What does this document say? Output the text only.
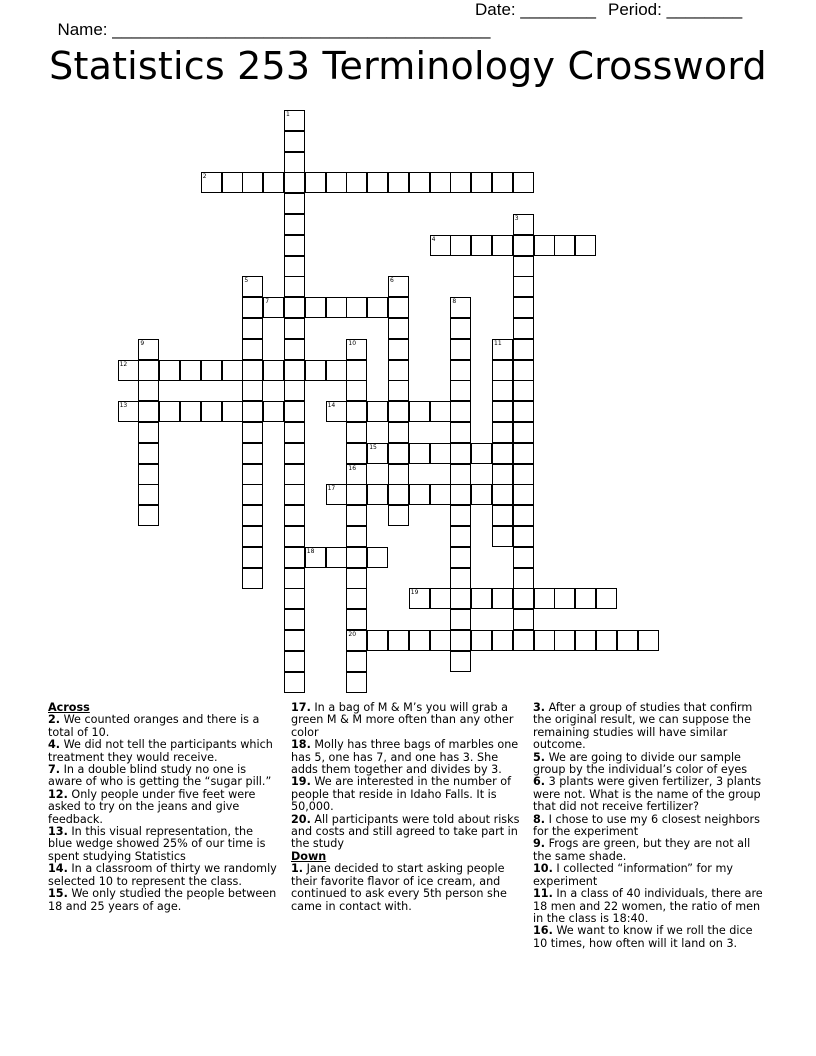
Name: ________________________________________

Date: ________

Period: ________

Statistics 253 Terminology Crossword
1
2
3
4
5	6
7	8
9	10	11
12
13	14
15
16
20
17
18
19
Across

2. We counted oranges and there is a total of 10.

4. We did not tell the participants which treatment they would receive.

7. In a double blind study no one is aware of who is getting the “sugar pill.”

12. Only people under five feet were asked to try on the jeans and give feedback.

13. In this visual representation, the blue wedge showed 25% of our time is spent studying Statistics

14. In a classroom of thirty we randomly selected 10 to represent the class.

15. We only studied the people between 18 and 25 years of age.

17. In a bag of M & M’s you will grab a green M & M more often than any other color

18. Molly has three bags of marbles one has 5, one has 7, and one has 3. She adds them together and divides by 3.

19. We are interested in the number of people that reside in Idaho Falls. It is 50,000.

20. All participants were told about risks and costs and still agreed to take part in the study

Down

1. Jane decided to start asking people their favorite flavor of ice cream, and continued to ask every 5th person she came in contact with.

3. After a group of studies that confirm the original result, we can suppose the remaining studies will have similar outcome.

5. We are going to divide our sample group by the individual’s color of eyes

6. 3 plants were given fertilizer, 3 plants were not. What is the name of the group that did not receive fertilizer?

8. I chose to use my 6 closest neighbors for the experiment

9. Frogs are green, but they are not all the same shade.

10. I collected “information” for my experiment

11. In a class of 40 individuals, there are 18 men and 22 women, the ratio of men in the class is 18:40.

16. We want to know if we roll the dice 10 times, how often will it land on 3.
